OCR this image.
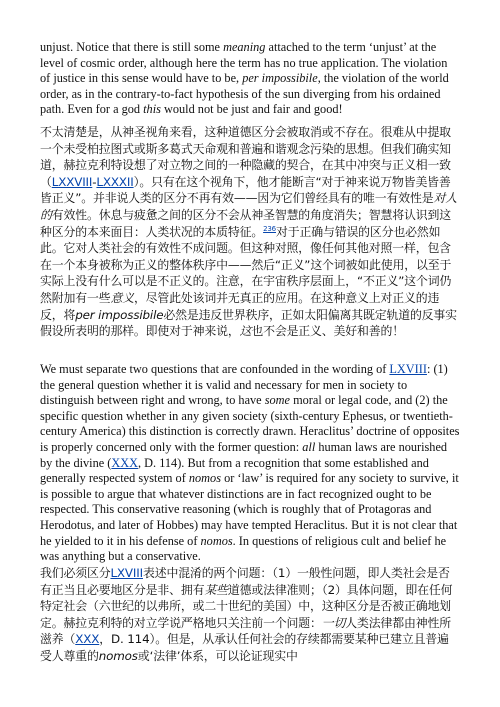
unjust. Notice that there is still some meaning attached to the term ‘unjust’ at the level of cosmic order, although here the term has no true application. The violation of justice in this sense would have to be, per impossibile, the violation of the world order, as in the contrary-to-fact hypothesis of the sun diverging from his ordained path. Even for a god this would not be just and fair and good!

不太清楚是，从神圣视角来看，这种道德区分会被取消或不存在。很难从中提取一个未受柏拉图式或斯多葛式天命观和普遍和谐观念污染的思想。但我们确实知道，赫拉克利特设想了对立物之间的一种隐藏的契合，在其中冲突与正义相一致（LXXVIII-LXXXII）。只有在这个视角下，他才能断言“对于神来说万物皆美皆善皆正义”。并非说人类的区分不再有效——因为它们曾经具有的唯一有效性是对人的有效性。休息与疲惫之间的区分不会从神圣智慧的角度消失；智慧将认识到这种区分的本来面目：人类状况的本质特征。$^{236}$对于正确与错误的区分也必然如此。它对人类社会的有效性不成问题。但这种对照，像任何其他对照一样，包含在一个本身被称为正义的整体秩序中——然后“正义”这个词被如此使用，以至于实际上没有什么可以是不正义的。注意，在宇宙秩序层面上，“不正义”这个词仍然附加有一些意义，尽管此处该词并无真正的应用。在这种意义上对正义的违反，将per impossibile必然是违反世界秩序，正如太阳偏离其既定轨道的反事实假设所表明的那样。即使对于神来说，这也不会是正义、美好和善的！

We must separate two questions that are confounded in the wording of LXVIII: (1) the general question whether it is valid and necessary for men in society to distinguish between right and wrong, to have some moral or legal code, and (2) the specific question whether in any given society (sixth-century Ephesus, or twentieth-century America) this distinction is correctly drawn. Heraclitus’ doctrine of opposites is properly concerned only with the former question: all human laws are nourished by the divine (XXX, D. 114). But from a recognition that some established and generally respected system of nomos or ‘law’ is required for any society to survive, it is possible to argue that whatever distinctions are in fact recognized ought to be respected. This conservative reasoning (which is roughly that of Protagoras and Herodotus, and later of Hobbes) may have tempted Heraclitus. But it is not clear that he yielded to it in his defense of nomos. In questions of religious cult and belief he was anything but a conservative.

我们必须区分LXVIII表述中混淆的两个问题：（1）一般性问题，即人类社会是否有正当且必要地区分是非、拥有某些道德或法律准则；（2）具体问题，即在任何特定社会（六世纪的以弗所，或二十世纪的美国）中，这种区分是否被正确地划定。赫拉克利特的对立学说严格地只关注前一个问题：一切人类法律都由神性所滋养（XXX，D. 114）。但是，从承认任何社会的存续都需要某种已建立且普遍受人尊重的nomos或‘法律’体系，可以论证现实中
